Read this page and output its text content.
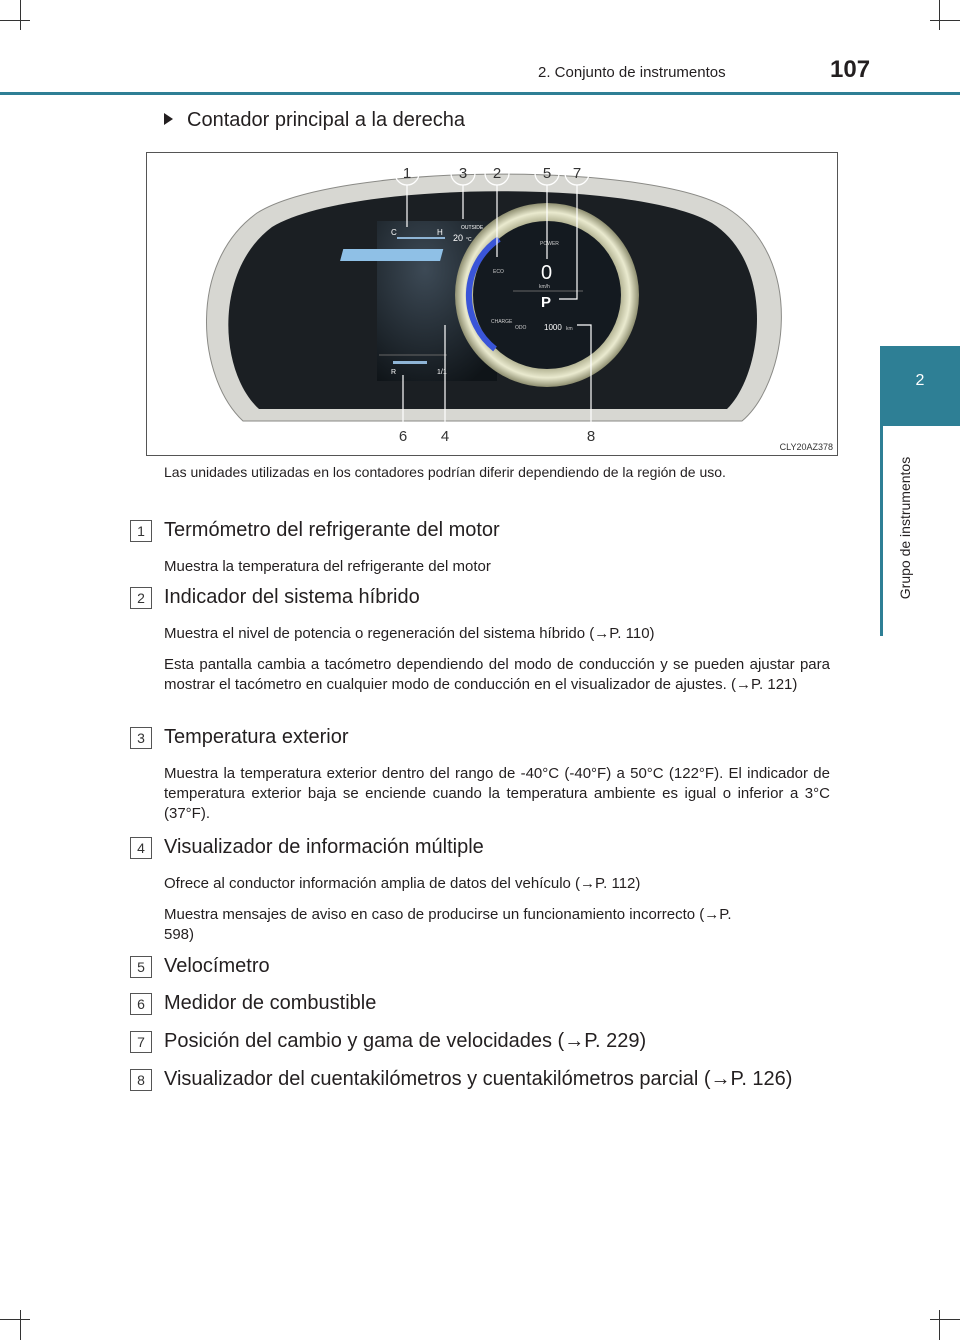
2. Conjunto de instrumentos	107
2
Grupo de instrumentos
Contador principal a la derecha
C	H	OUTSIDE
20 °C
R	1/1
POWER
ECO
CHARGE
0
km/h
P
ODO 1000 km
1	3 2	5 7
6 4	8
CLY20AZ378
Las unidades utilizadas en los contadores podrían diferir dependiendo de la región de uso.
1 Termómetro del refrigerante del motor
Muestra la temperatura del refrigerante del motor
2 Indicador del sistema híbrido
Muestra el nivel de potencia o regeneración del sistema híbrido (→P. 110)
Esta pantalla cambia a tacómetro dependiendo del modo de conducción y se pueden ajustar para mostrar el tacómetro en cualquier modo de conducción en el visualizador de ajustes. (→P. 121)
3 Temperatura exterior
Muestra la temperatura exterior dentro del rango de -40°C (-40°F) a 50°C (122°F). El indicador de temperatura exterior baja se enciende cuando la temperatura ambiente es igual o inferior a 3°C (37°F).
4 Visualizador de información múltiple
Ofrece al conductor información amplia de datos del vehículo (→P. 112)
Muestra mensajes de aviso en caso de producirse un funcionamiento incorrecto (→P. 598)
5 Velocímetro
6 Medidor de combustible
7 Posición del cambio y gama de velocidades (→P. 229)
8 Visualizador del cuentakilómetros y cuentakilómetros parcial (→P. 126)
